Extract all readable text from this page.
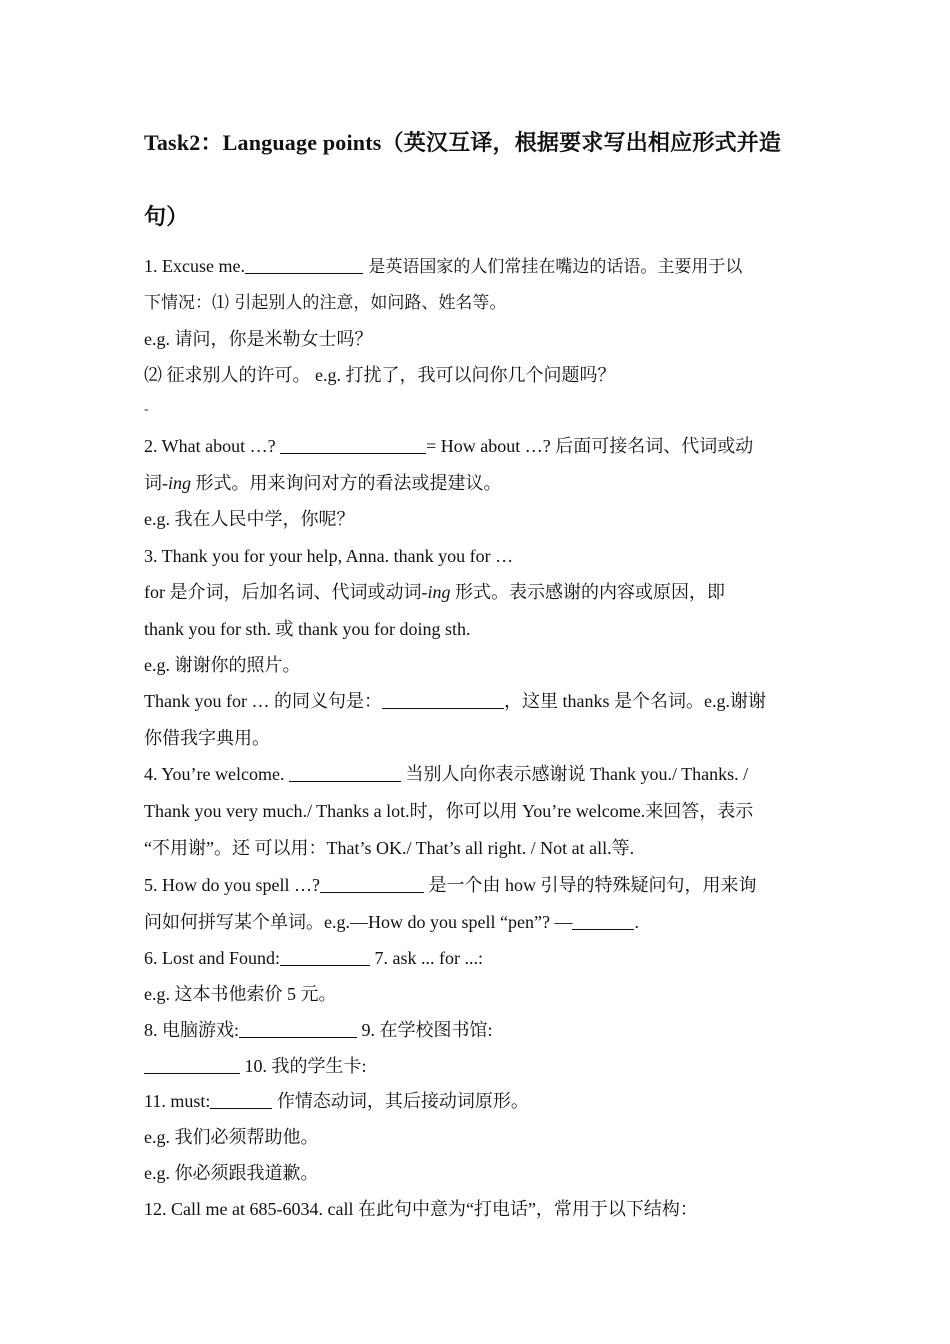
Task2：Language points（英汉互译，根据要求写出相应形式并造
句）
1. Excuse me.	是英语国家的人们常挂在嘴边的话语。主要用于以
下情况：⑴ 引起别人的注意，如问路、姓名等。
e.g. 请问，你是米勒女士吗？
⑵ 征求别人的许可。 e.g. 打扰了，我可以问你几个问题吗？
-
2. What about …?	= How about …? 后面可接名词、代词或动
词-ing 形式。用来询问对方的看法或提建议。
e.g. 我在人民中学，你呢？
3. Thank you for your help, Anna. thank you for …
for 是介词，后加名词、代词或动词-ing 形式。表示感谢的内容或原因，即
thank you for sth. 或 thank you for doing sth.
e.g. 谢谢你的照片。
Thank you for … 的同义句是：	，这里 thanks 是个名词。e.g.谢谢
你借我字典用。
4. You’re welcome.	当别人向你表示感谢说 Thank you./ Thanks. /
Thank you very much./ Thanks a lot.时，你可以用 You’re welcome.来回答，表示
“不用谢”。还 可以用：That’s OK./ That’s all right. / Not at all.等.
5. How do you spell …?	是一个由 how 引导的特殊疑问句，用来询
问如何拼写某个单词。e.g.—How do you spell “pen”? —	.
6. Lost and Found:	7. ask ... for ...:
e.g. 这本书他索价 5 元。
8. 电脑游戏:	9. 在学校图书馆:
10. 我的学生卡:
11. must:	作情态动词，其后接动词原形。
e.g. 我们必须帮助他。
e.g. 你必须跟我道歉。
12. Call me at 685-6034. call 在此句中意为“打电话”，常用于以下结构：
